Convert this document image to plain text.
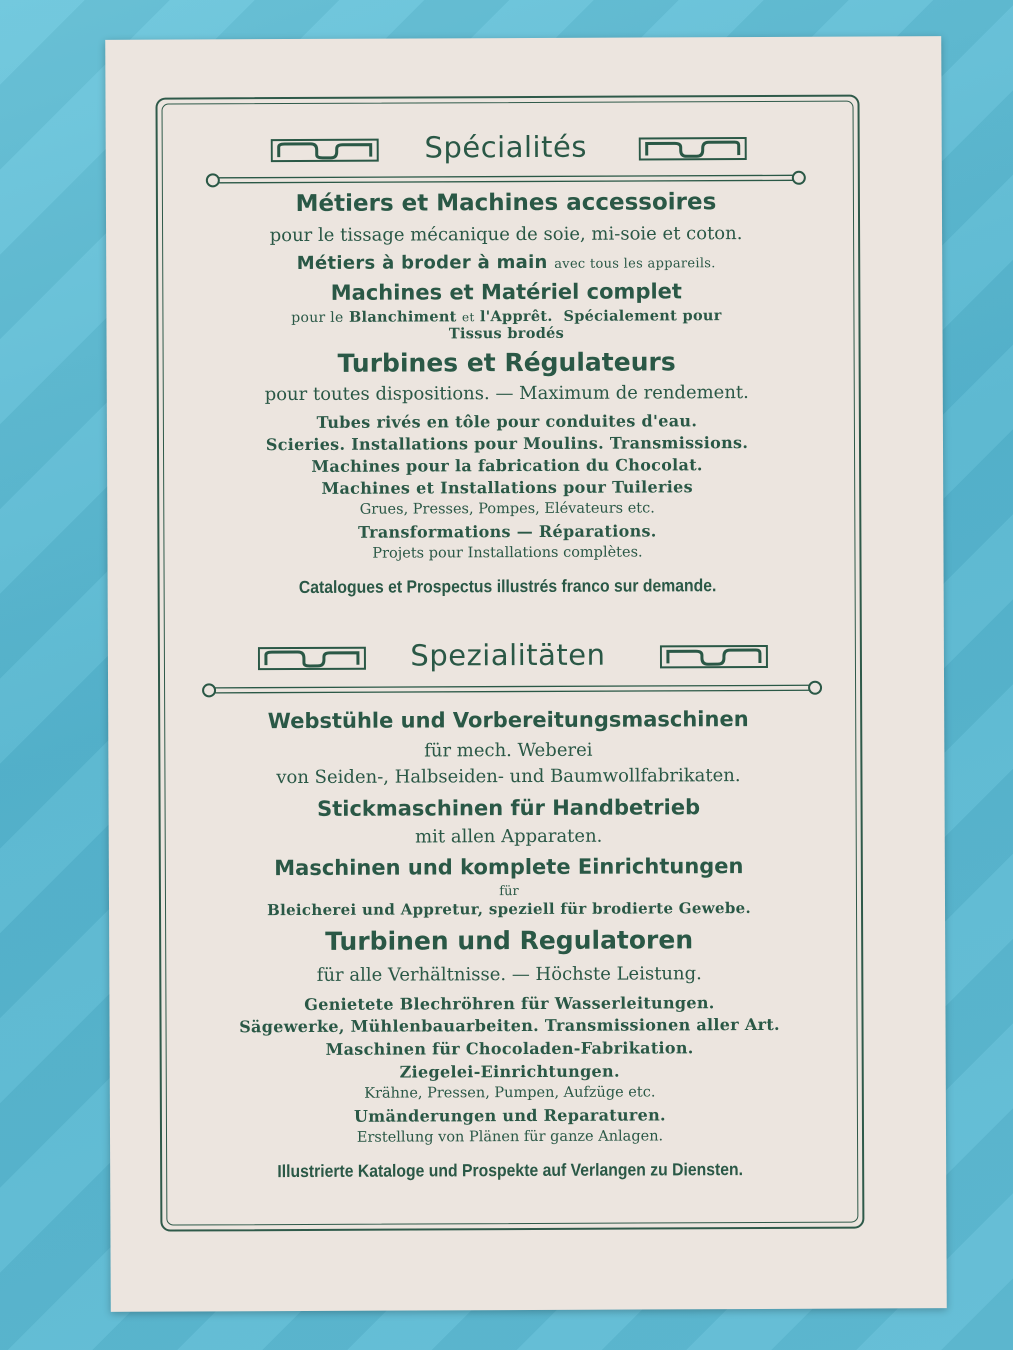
Spécialités
Métiers et Machines accessoires
pour le tissage mécanique de soie, mi-soie et coton.
Métiers à broder à main avec tous les appareils.
Machines et Matériel complet
pour le Blanchiment et l'Apprêt. Spécialement pour
Tissus brodés
Turbines et Régulateurs
pour toutes dispositions. — Maximum de rendement.
Tubes rivés en tôle pour conduites d'eau.
Scieries. Installations pour Moulins. Transmissions.
Machines pour la fabrication du Chocolat.
Machines et Installations pour Tuileries
Grues, Presses, Pompes, Elévateurs etc.
Transformations — Réparations.
Projets pour Installations complètes.
Catalogues et Prospectus illustrés franco sur demande.
Spezialitäten
Webstühle und Vorbereitungsmaschinen
für mech. Weberei
von Seiden-, Halbseiden- und Baumwollfabrikaten.
Stickmaschinen für Handbetrieb
mit allen Apparaten.
Maschinen und komplete Einrichtungen
für
Bleicherei und Appretur, speziell für brodierte Gewebe.
Turbinen und Regulatoren
für alle Verhältnisse. — Höchste Leistung.
Genietete Blechröhren für Wasserleitungen.
Sägewerke, Mühlenbauarbeiten. Transmissionen aller Art.
Maschinen für Chocoladen-Fabrikation.
Ziegelei-Einrichtungen.
Krähne, Pressen, Pumpen, Aufzüge etc.
Umänderungen und Reparaturen.
Erstellung von Plänen für ganze Anlagen.
Illustrierte Kataloge und Prospekte auf Verlangen zu Diensten.
